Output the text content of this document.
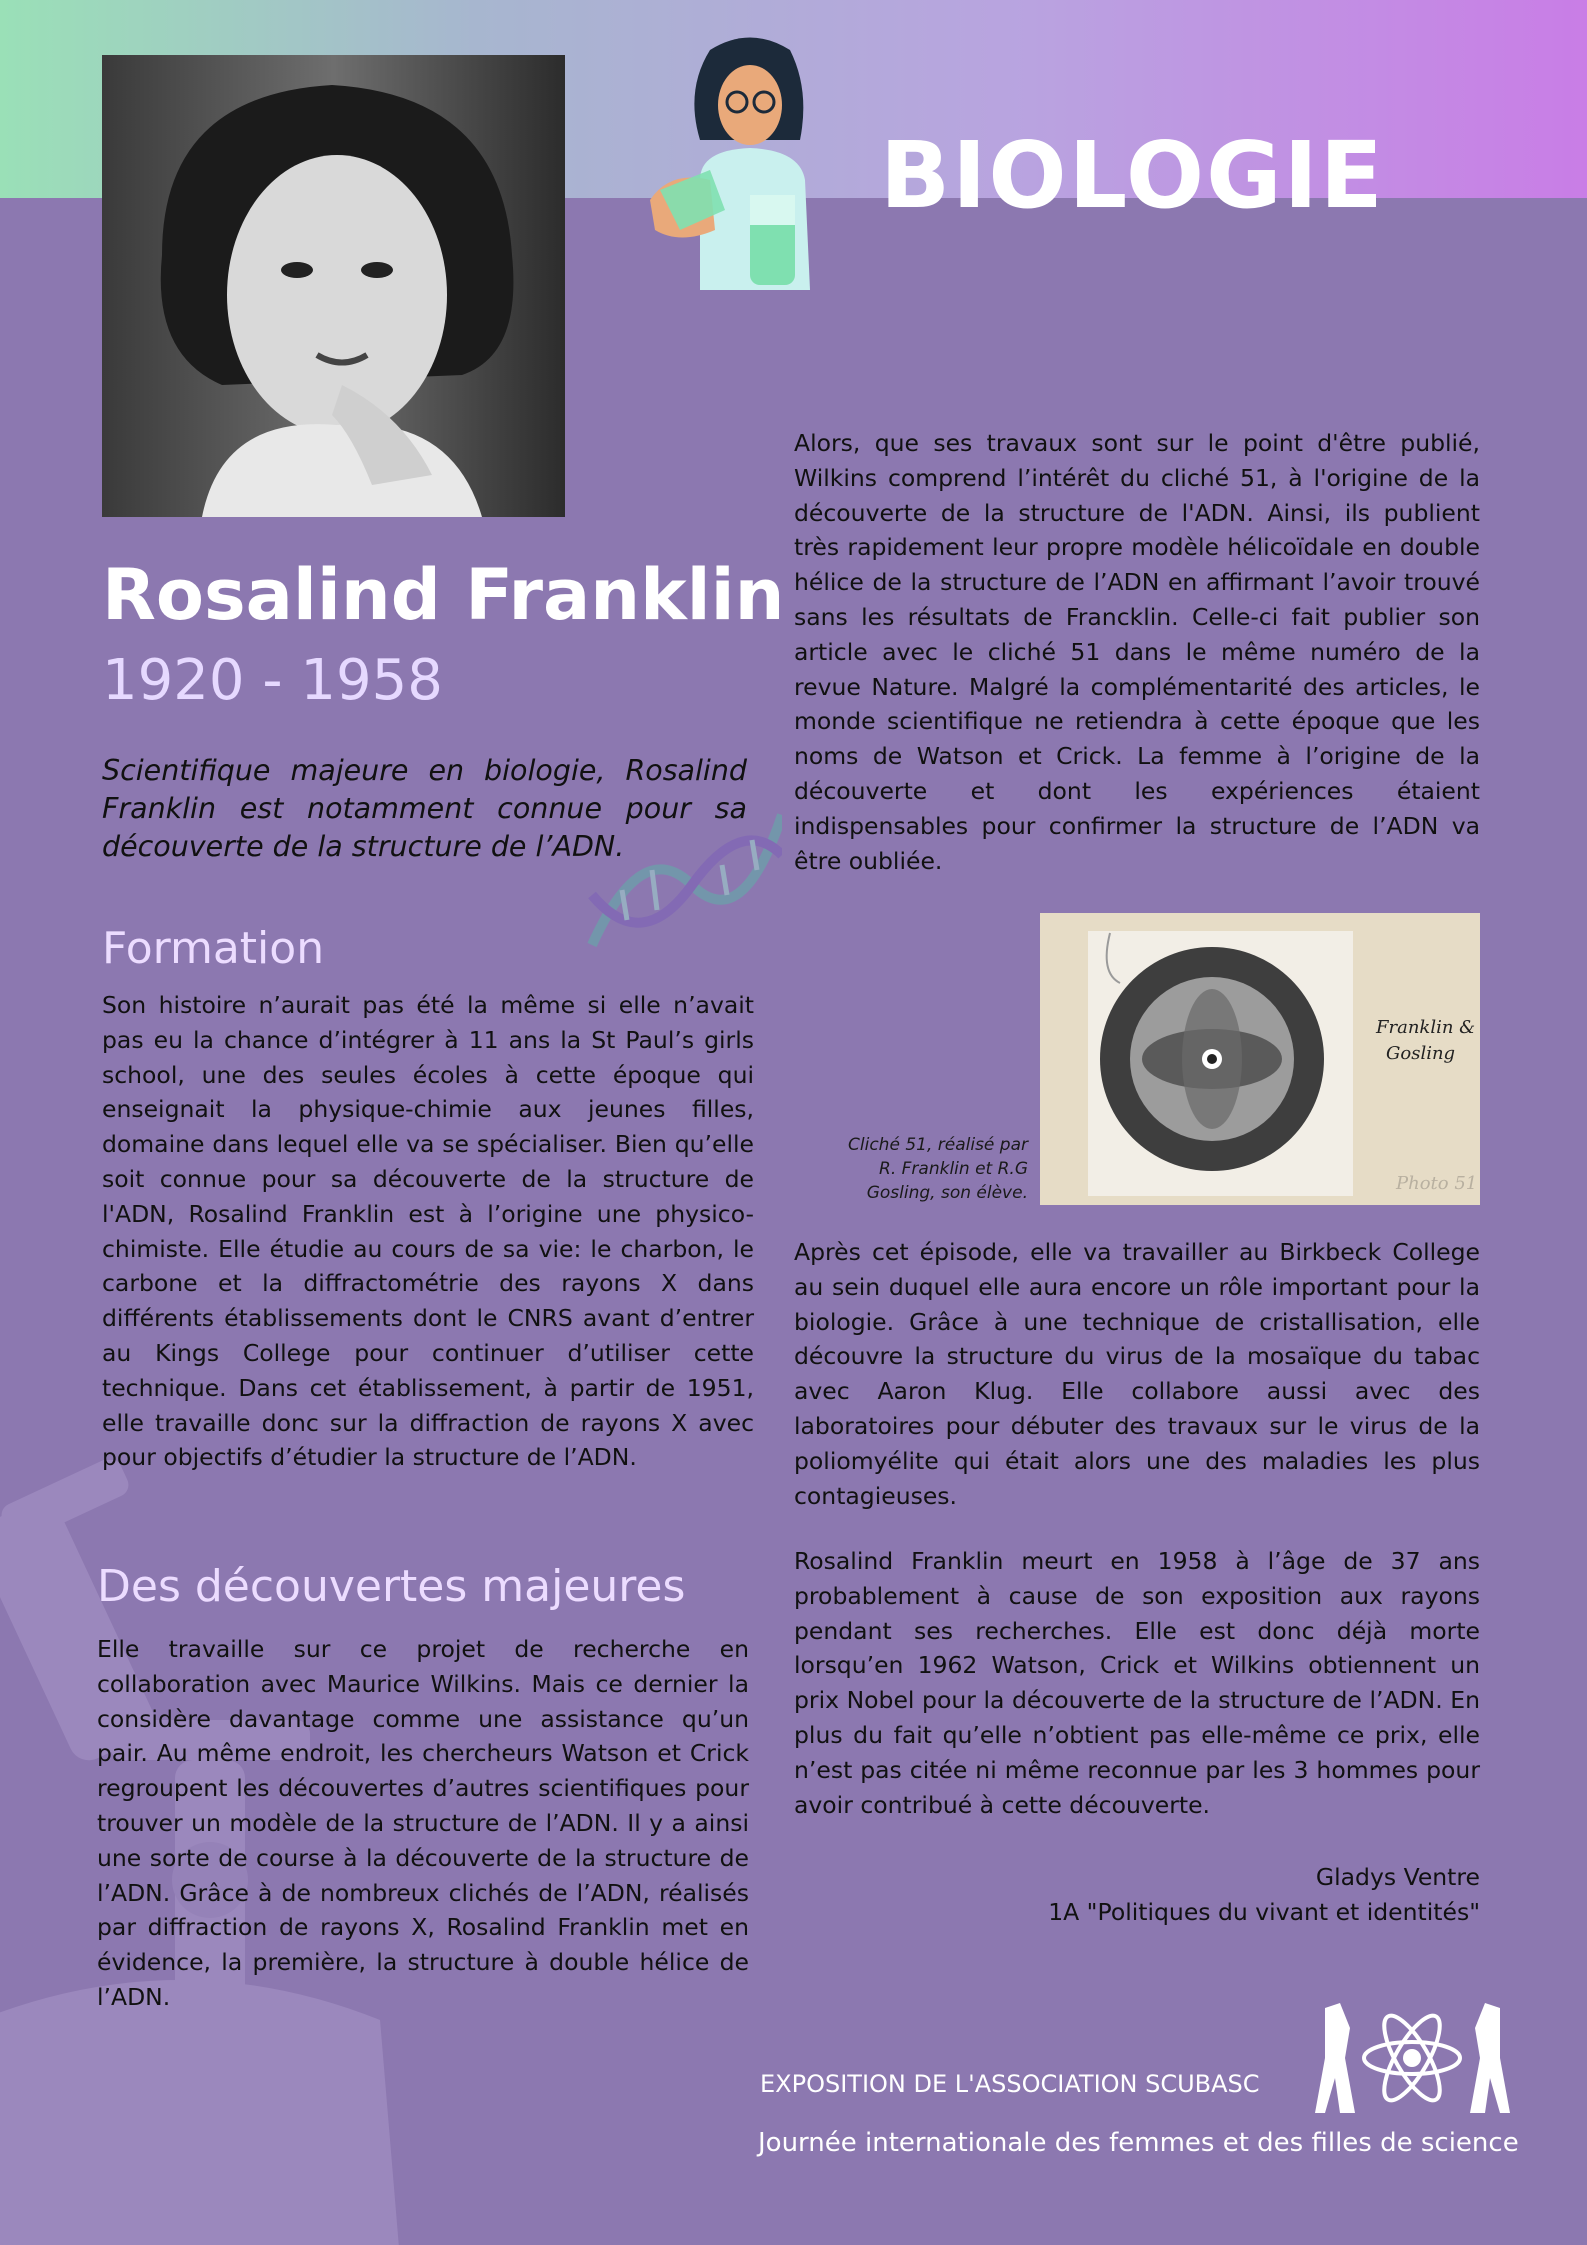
BIOLOGIE
Rosalind Franklin
1920 - 1958

Scientifique majeure en biologie, Rosalind Franklin est notamment connue pour sa découverte de la structure de l’ADN.

Formation

Son histoire n’aurait pas été la même si elle n’avait pas eu la chance d’intégrer à 11 ans la St Paul’s girls school, une des seules écoles à cette époque qui enseignait la physique-chimie aux jeunes filles, domaine dans lequel elle va se spécialiser. Bien qu’elle soit connue pour sa découverte de la structure de l'ADN, Rosalind Franklin est à l’origine une physico-chimiste. Elle étudie au cours de sa vie: le charbon, le carbone et la diffractométrie des rayons X dans différents établissements dont le CNRS avant d’entrer au Kings College pour continuer d’utiliser cette technique. Dans cet établissement, à partir de 1951, elle travaille donc sur la diffraction de rayons X avec pour objectifs d’étudier la structure de l’ADN.

Des découvertes majeures

Elle travaille sur ce projet de recherche en collaboration avec Maurice Wilkins. Mais ce dernier la considère davantage comme une assistance qu’un pair. Au même endroit, les chercheurs Watson et Crick regroupent les découvertes d’autres scientifiques pour trouver un modèle de la structure de l’ADN. Il y a ainsi une sorte de course à la découverte de la structure de l’ADN. Grâce à de nombreux clichés de l’ADN, réalisés par diffraction de rayons X, Rosalind Franklin met en évidence, la première, la structure à double hélice de l’ADN.

Alors, que ses travaux sont sur le point d'être publié, Wilkins comprend l’intérêt du cliché 51, à l'origine de la découverte de la structure de l'ADN. Ainsi, ils publient très rapidement leur propre modèle hélicoïdale en double hélice de la structure de l’ADN en affirmant l’avoir trouvé sans les résultats de Francklin. Celle-ci fait publier son article avec le cliché 51 dans le même numéro de la revue Nature. Malgré la complémentarité des articles, le monde scientifique ne retiendra à cette époque que les noms de Watson et Crick. La femme à l’origine de la découverte et dont les expériences étaient indispensables pour confirmer la structure de l’ADN va être oubliée.

Franklin &
Gosling
Photo 51
Cliché 51, réalisé par
R. Franklin et R.G
Gosling, son élève.

Après cet épisode, elle va travailler au Birkbeck College au sein duquel elle aura encore un rôle important pour la biologie. Grâce à une technique de cristallisation, elle découvre la structure du virus de la mosaïque du tabac avec Aaron Klug. Elle collabore aussi avec des laboratoires pour débuter des travaux sur le virus de la poliomyélite qui était alors une des maladies les plus contagieuses.

Rosalind Franklin meurt en 1958 à l’âge de 37 ans probablement à cause de son exposition aux rayons pendant ses recherches. Elle est donc déjà morte lorsqu’en 1962 Watson, Crick et Wilkins obtiennent un prix Nobel pour la découverte de la structure de l’ADN. En plus du fait qu’elle n’obtient pas elle-même ce prix, elle n’est pas citée ni même reconnue par les 3 hommes pour avoir contribué à cette découverte.

Gladys Ventre
1A "Politiques du vivant et identités"
EXPOSITION DE L'ASSOCIATION SCUBASC
Journée internationale des femmes et des filles de science
